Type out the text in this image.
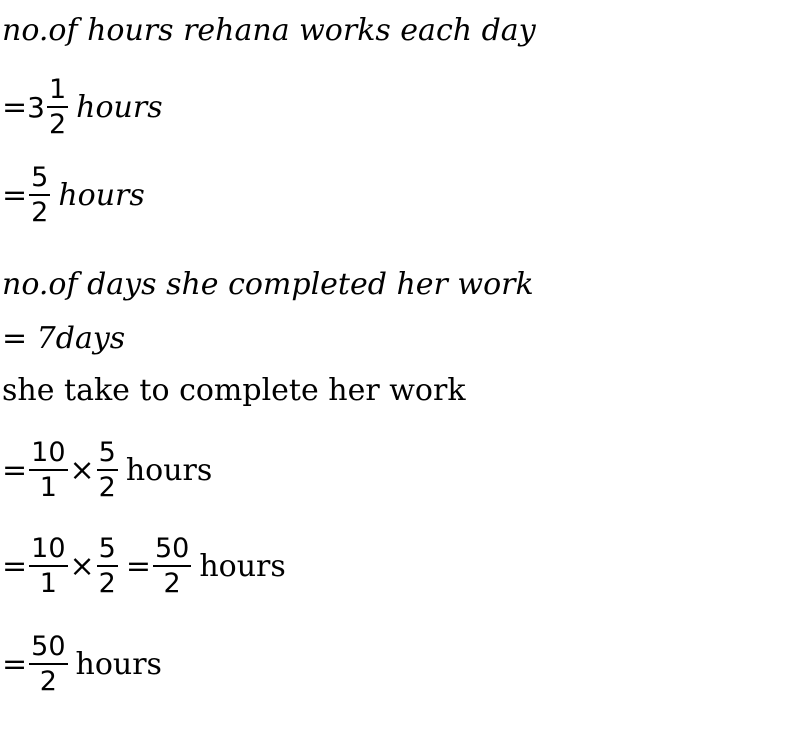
no.of hours rehana works each day
= $3 \frac{1}{2}$ hours
= $\frac{5}{2}$ hours
no.of days she completed her work
= 7days
she take to complete her work
= $\frac{10}{1} \times \frac{5}{2}$ hours
= $\frac{10}{1} \times \frac{5}{2} = \frac{50}{2}$ hours
= $\frac{50}{2}$ hours
